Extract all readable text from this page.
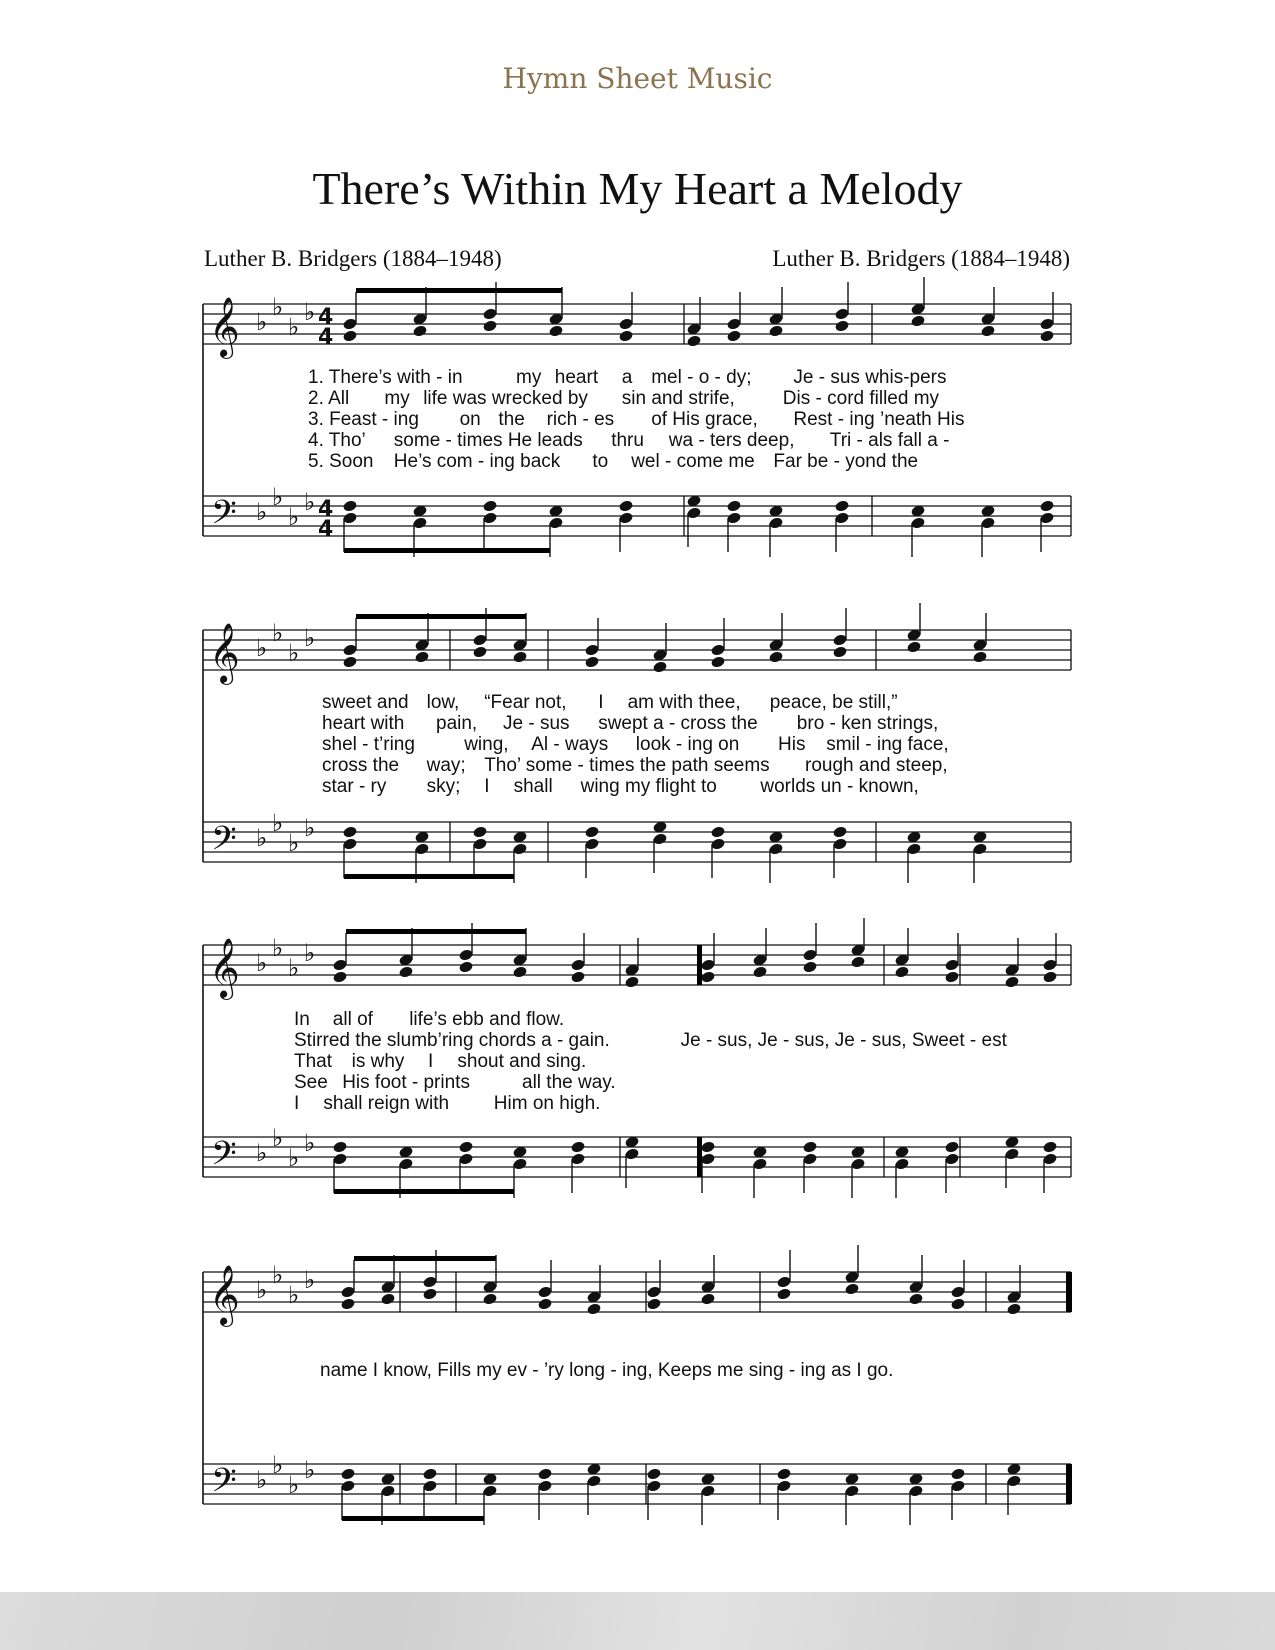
Hymn Sheet Music
There’s Within My Heart a Melody
Luther B. Bridgers (1884–1948)	Luther B. Bridgers (1884–1948)
𝄞
𝄢
♭
♭
♭
♭
♭
♭
♭
♭
4
4
4
4
𝄞
𝄢
♭
♭
♭
♭
♭
♭
♭
♭
𝄞
𝄢
♭
♭
♭
♭
♭
♭
♭
♭
𝄞
𝄢
♭
♭
♭
♭
♭
♭
♭
♭
1. There’s with - in	my heart a mel - o - dy; Je - sus whis-pers
2. All my life was wrecked by sin and strife,	Dis - cord filled my
3. Feast - ing on the rich - es of His grace, Rest - ing ’neath His
4. Tho’ some - times He leads thru wa - ters deep, Tri - als fall a -
5. Soon He’s com - ing back to wel - come me Far be - yond the
sweet and low, “Fear not, I am with thee, peace, be still,”
heart with pain, Je - sus swept a - cross the bro - ken strings,
shel - t’ring	wing, Al - ways look - ing on His smil - ing face,
cross the way; Tho’ some - times the path seems rough and steep,
star - ry sky; I shall wing my flight to worlds un - known,
In all of life’s ebb and flow.
Stirred the slumb’ring chords a - gain.	Je - sus, Je - sus, Je - sus, Sweet - est
That is why I shout and sing.
See His foot - prints	all the way.
I shall reign with Him on high.
name I know, Fills my ev - ’ry long - ing, Keeps me sing - ing as I go.
